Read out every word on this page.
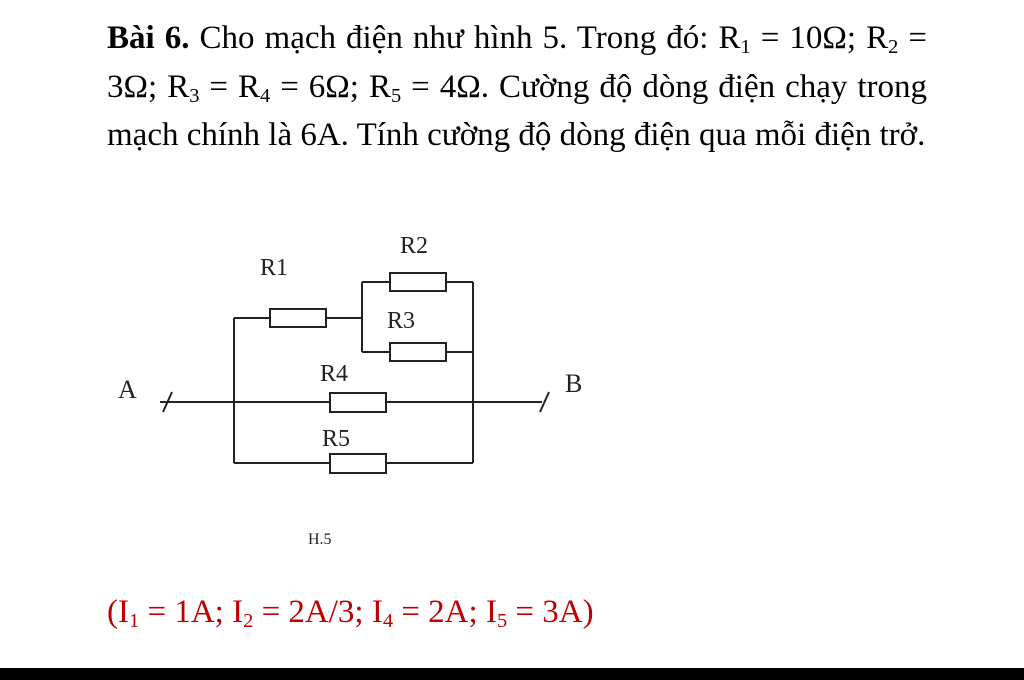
Bài 6. Cho mạch điện như hình 5. Trong đó: $R_1 = 10\Omega$; $R_2 = 3\Omega$; $R_3 = R_4 = 6\Omega$; $R_5 = 4\Omega$. Cường độ dòng điện chạy trong mạch chính là 6A. Tính cường độ dòng điện qua mỗi điện trở.

R1
R2
R3
R4
R5
A	B
H.5

($I_1 = 1A$; $I_2 = 2A/3$; $I_4 = 2A$; $I_5 = 3A$)
